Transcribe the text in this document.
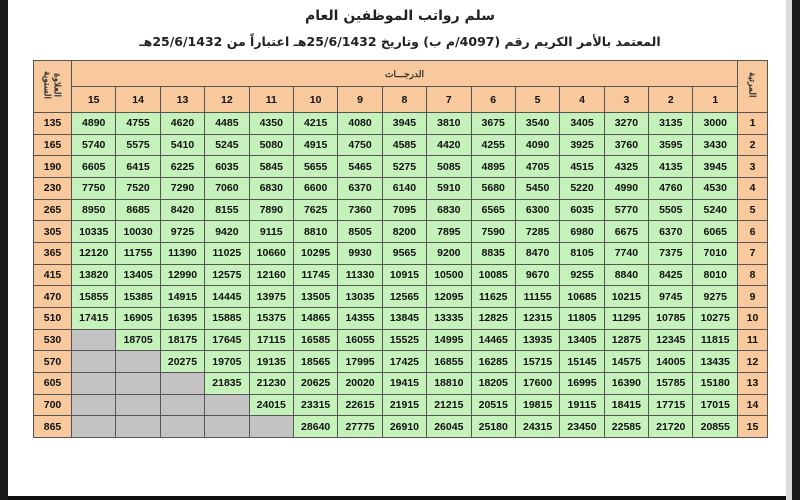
سلم رواتب الموظفين العام
المعتمد بالأمر الكريم رقم (4097/م ب) وتاريخ 25/6/1432هـ اعتباراً من 25/6/1432هـ
العلاوة السنوية	الدرجـــات															المرتبة
	15	14	13	12	11	10	9	8	7	6	5	4	3	2	1	
135	4890	4755	4620	4485	4350	4215	4080	3945	3810	3675	3540	3405	3270	3135	3000	1
165	5740	5575	5410	5245	5080	4915	4750	4585	4420	4255	4090	3925	3760	3595	3430	2
190	6605	6415	6225	6035	5845	5655	5465	5275	5085	4895	4705	4515	4325	4135	3945	3
230	7750	7520	7290	7060	6830	6600	6370	6140	5910	5680	5450	5220	4990	4760	4530	4
265	8950	8685	8420	8155	7890	7625	7360	7095	6830	6565	6300	6035	5770	5505	5240	5
305	10335	10030	9725	9420	9115	8810	8505	8200	7895	7590	7285	6980	6675	6370	6065	6
365	12120	11755	11390	11025	10660	10295	9930	9565	9200	8835	8470	8105	7740	7375	7010	7
415	13820	13405	12990	12575	12160	11745	11330	10915	10500	10085	9670	9255	8840	8425	8010	8
470	15855	15385	14915	14445	13975	13505	13035	12565	12095	11625	11155	10685	10215	9745	9275	9
510	17415	16905	16395	15885	15375	14865	14355	13845	13335	12825	12315	11805	11295	10785	10275	10
530		18705	18175	17645	17115	16585	16055	15525	14995	14465	13935	13405	12875	12345	11815	11
570			20275	19705	19135	18565	17995	17425	16855	16285	15715	15145	14575	14005	13435	12
605				21835	21230	20625	20020	19415	18810	18205	17600	16995	16390	15785	15180	13
700					24015	23315	22615	21915	21215	20515	19815	19115	18415	17715	17015	14
865						28640	27775	26910	26045	25180	24315	23450	22585	21720	20855	15
